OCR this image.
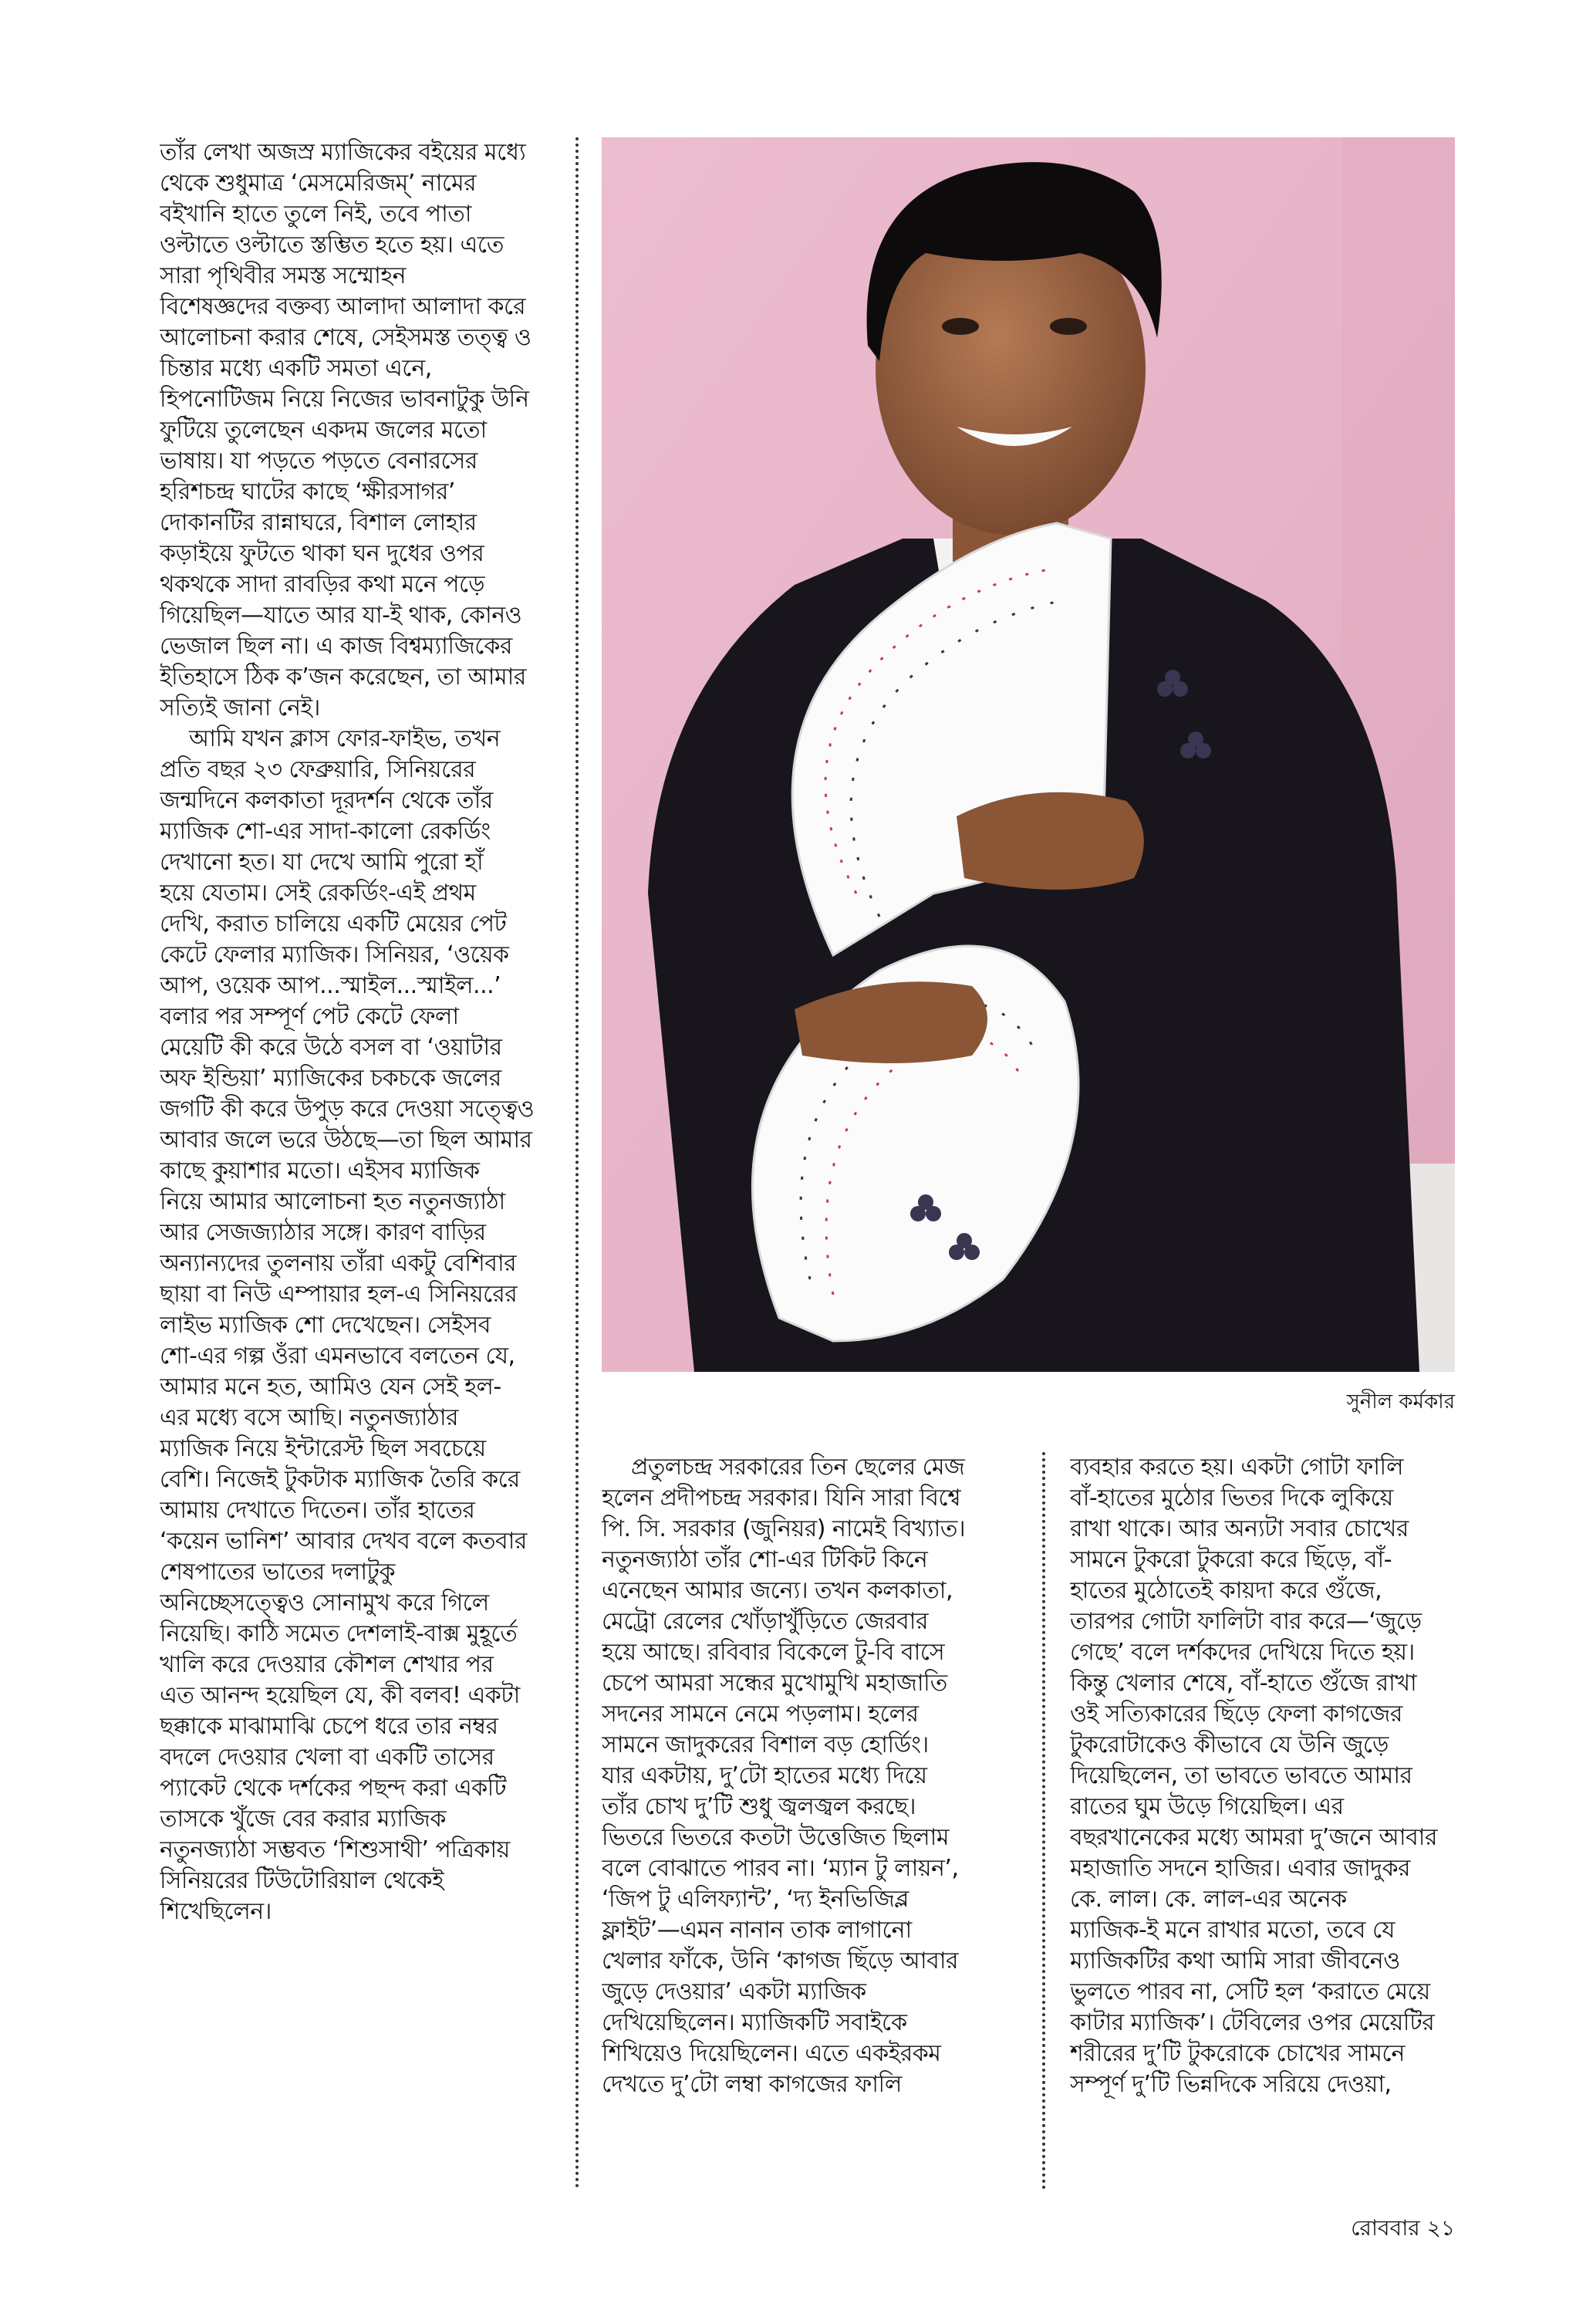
তাঁর লেখা অজস্র ম্যাজিকের বইয়ের মধ্যে
থেকে শুধুমাত্র ‘মেসমেরিজম্’ নামের
বইখানি হাতে তুলে নিই, তবে পাতা
ওল্টাতে ওল্টাতে স্তম্ভিত হতে হয়। এতে
সারা পৃথিবীর সমস্ত সম্মোহন
বিশেষজ্ঞদের বক্তব্য আলাদা আলাদা করে
আলোচনা করার শেষে, সেইসমস্ত তত্ত্ব ও
চিন্তার মধ্যে একটি সমতা এনে,
হিপনোটিজম নিয়ে নিজের ভাবনাটুকু উনি
ফুটিয়ে তুলেছেন একদম জলের মতো
ভাষায়। যা পড়তে পড়তে বেনারসের
হরিশচন্দ্র ঘাটের কাছে ‘ক্ষীরসাগর’
দোকানটির রান্নাঘরে, বিশাল লোহার
কড়াইয়ে ফুটতে থাকা ঘন দুধের ওপর
থকথকে সাদা রাবড়ির কথা মনে পড়ে
গিয়েছিল—যাতে আর যা-ই থাক, কোনও
ভেজাল ছিল না। এ কাজ বিশ্বম্যাজিকের
ইতিহাসে ঠিক ক’জন করেছেন, তা আমার
সত্যিই জানা নেই।
আমি যখন ক্লাস ফোর-ফাইভ, তখন
প্রতি বছর ২৩ ফেব্রুয়ারি, সিনিয়রের
জন্মদিনে কলকাতা দূরদর্শন থেকে তাঁর
ম্যাজিক শো-এর সাদা-কালো রেকর্ডিং
দেখানো হত। যা দেখে আমি পুরো হাঁ
হয়ে যেতাম। সেই রেকর্ডিং-এই প্রথম
দেখি, করাত চালিয়ে একটি মেয়ের পেট
কেটে ফেলার ম্যাজিক। সিনিয়র, ‘ওয়েক
আপ, ওয়েক আপ...স্মাইল...স্মাইল...’
বলার পর সম্পূর্ণ পেট কেটে ফেলা
মেয়েটি কী করে উঠে বসল বা ‘ওয়াটার
অফ ইন্ডিয়া’ ম্যাজিকের চকচকে জলের
জগটি কী করে উপুড় করে দেওয়া সত্ত্বেও
আবার জলে ভরে উঠছে—তা ছিল আমার
কাছে কুয়াশার মতো। এইসব ম্যাজিক
নিয়ে আমার আলোচনা হত নতুনজ্যাঠা
আর সেজজ্যাঠার সঙ্গে। কারণ বাড়ির
অন্যান্যদের তুলনায় তাঁরা একটু বেশিবার
ছায়া বা নিউ এম্পায়ার হল-এ সিনিয়রের
লাইভ ম্যাজিক শো দেখেছেন। সেইসব
শো-এর গল্প ওঁরা এমনভাবে বলতেন যে,
আমার মনে হত, আমিও যেন সেই হল-
এর মধ্যে বসে আছি। নতুনজ্যাঠার
ম্যাজিক নিয়ে ইন্টারেস্ট ছিল সবচেয়ে
বেশি। নিজেই টুকটাক ম্যাজিক তৈরি করে
আমায় দেখাতে দিতেন। তাঁর হাতের
‘কয়েন ভানিশ’ আবার দেখব বলে কতবার
শেষপাতের ভাতের দলাটুকু
অনিচ্ছেসত্ত্বেও সোনামুখ করে গিলে
নিয়েছি। কাঠি সমেত দেশলাই-বাক্স মুহূর্তে
খালি করে দেওয়ার কৌশল শেখার পর
এত আনন্দ হয়েছিল যে, কী বলব! একটা
ছক্কাকে মাঝামাঝি চেপে ধরে তার নম্বর
বদলে দেওয়ার খেলা বা একটি তাসের
প্যাকেট থেকে দর্শকের পছন্দ করা একটি
তাসকে খুঁজে বের করার ম্যাজিক
নতুনজ্যাঠা সম্ভবত ‘শিশুসাথী’ পত্রিকায়
সিনিয়রের টিউটোরিয়াল থেকেই
শিখেছিলেন।
সুনীল কর্মকার
প্রতুলচন্দ্র সরকারের তিন ছেলের মেজ
হলেন প্রদীপচন্দ্র সরকার। যিনি সারা বিশ্বে
পি. সি. সরকার (জুনিয়র) নামেই বিখ্যাত।
নতুনজ্যাঠা তাঁর শো-এর টিকিট কিনে
এনেছেন আমার জন্যে। তখন কলকাতা,
মেট্রো রেলের খোঁড়াখুঁড়িতে জেরবার
হয়ে আছে। রবিবার বিকেলে টু-বি বাসে
চেপে আমরা সন্ধের মুখোমুখি মহাজাতি
সদনের সামনে নেমে পড়লাম। হলের
সামনে জাদুকরের বিশাল বড় হোর্ডিং।
যার একটায়, দু’টো হাতের মধ্যে দিয়ে
তাঁর চোখ দু’টি শুধু জ্বলজ্বল করছে।
ভিতরে ভিতরে কতটা উত্তেজিত ছিলাম
বলে বোঝাতে পারব না। ‘ম্যান টু লায়ন’,
‘জিপ টু এলিফ্যান্ট’, ‘দ্য ইনভিজিব্ল
ফ্লাইট’—এমন নানান তাক লাগানো
খেলার ফাঁকে, উনি ‘কাগজ ছিঁড়ে আবার
জুড়ে দেওয়ার’ একটা ম্যাজিক
দেখিয়েছিলেন। ম্যাজিকটি সবাইকে
শিখিয়েও দিয়েছিলেন। এতে একইরকম
দেখতে দু’টো লম্বা কাগজের ফালি
ব্যবহার করতে হয়। একটা গোটা ফালি
বাঁ-হাতের মুঠোর ভিতর দিকে লুকিয়ে
রাখা থাকে। আর অন্যটা সবার চোখের
সামনে টুকরো টুকরো করে ছিঁড়ে, বাঁ-
হাতের মুঠোতেই কায়দা করে গুঁজে,
তারপর গোটা ফালিটা বার করে—‘জুড়ে
গেছে’ বলে দর্শকদের দেখিয়ে দিতে হয়।
কিন্তু খেলার শেষে, বাঁ-হাতে গুঁজে রাখা
ওই সত্যিকারের ছিঁড়ে ফেলা কাগজের
টুকরোটাকেও কীভাবে যে উনি জুড়ে
দিয়েছিলেন, তা ভাবতে ভাবতে আমার
রাতের ঘুম উড়ে গিয়েছিল। এর
বছরখানেকের মধ্যে আমরা দু’জনে আবার
মহাজাতি সদনে হাজির। এবার জাদুকর
কে. লাল। কে. লাল-এর অনেক
ম্যাজিক-ই মনে রাখার মতো, তবে যে
ম্যাজিকটির কথা আমি সারা জীবনেও
ভুলতে পারব না, সেটি হল ‘করাতে মেয়ে
কাটার ম্যাজিক’। টেবিলের ওপর মেয়েটির
শরীরের দু’টি টুকরোকে চোখের সামনে
সম্পূর্ণ দু’টি ভিন্নদিকে সরিয়ে দেওয়া,
রোববার ২১
